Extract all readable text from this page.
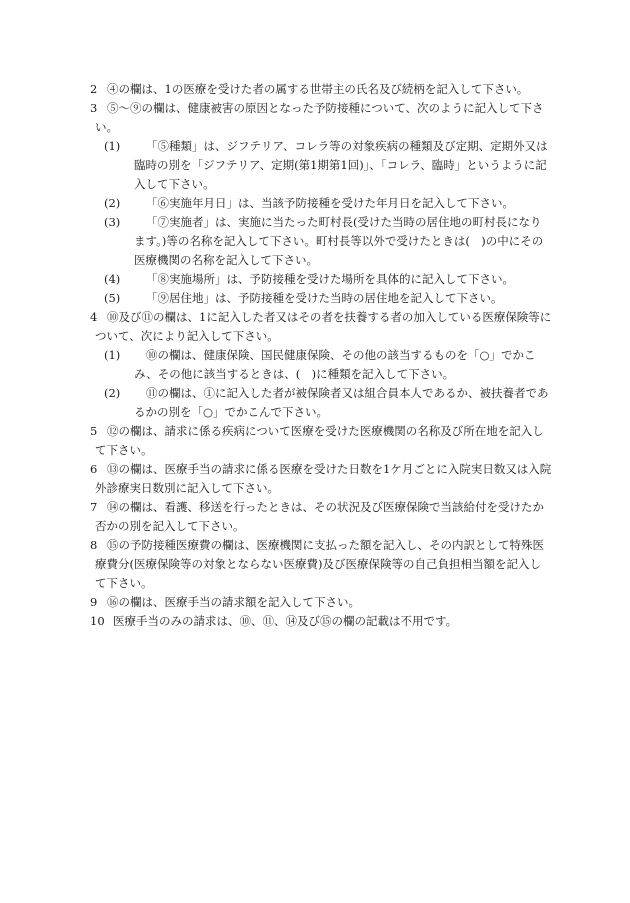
2 ④の欄は、1の医療を受けた者の属する世帯主の氏名及び続柄を記入して下さい。
3 ⑤〜⑨の欄は、健康被害の原因となった予防接種について、次のように記入して下さい。
(1)	「⑤種類」は、ジフテリア、コレラ等の対象疾病の種類及び定期、定期外又は臨時の別を「ジフテリア、定期(第1期第1回)」、「コレラ、臨時」というように記入して下さい。
(2)	「⑥実施年月日」は、当該予防接種を受けた年月日を記入して下さい。
(3)	「⑦実施者」は、実施に当たった町村長(受けた当時の居住地の町村長になります。)等の名称を記入して下さい。町村長等以外で受けたときは(　)の中にその医療機関の名称を記入して下さい。
(4)	「⑧実施場所」は、予防接種を受けた場所を具体的に記入して下さい。
(5)	「⑨居住地」は、予防接種を受けた当時の居住地を記入して下さい。
4 ⑩及び⑪の欄は、1に記入した者又はその者を扶養する者の加入している医療保険等について、次により記入して下さい。
(1)	⑩の欄は、健康保険、国民健康保険、その他の該当するものを「○」でかこみ、その他に該当するときは、(　)に種類を記入して下さい。
(2)	⑪の欄は、①に記入した者が被保険者又は組合員本人であるか、被扶養者であるかの別を「○」でかこんで下さい。
5 ⑫の欄は、請求に係る疾病について医療を受けた医療機関の名称及び所在地を記入して下さい。
6 ⑬の欄は、医療手当の請求に係る医療を受けた日数を1ケ月ごとに入院実日数又は入院外診療実日数別に記入して下さい。
7 ⑭の欄は、看護、移送を行ったときは、その状況及び医療保険で当該給付を受けたか否かの別を記入して下さい。
8 ⑮の予防接種医療費の欄は、医療機関に支払った額を記入し、その内訳として特殊医療費分(医療保険等の対象とならない医療費)及び医療保険等の自己負担相当額を記入して下さい。
9 ⑯の欄は、医療手当の請求額を記入して下さい。
10 医療手当のみの請求は、⑩、⑪、⑭及び⑮の欄の記載は不用です。
